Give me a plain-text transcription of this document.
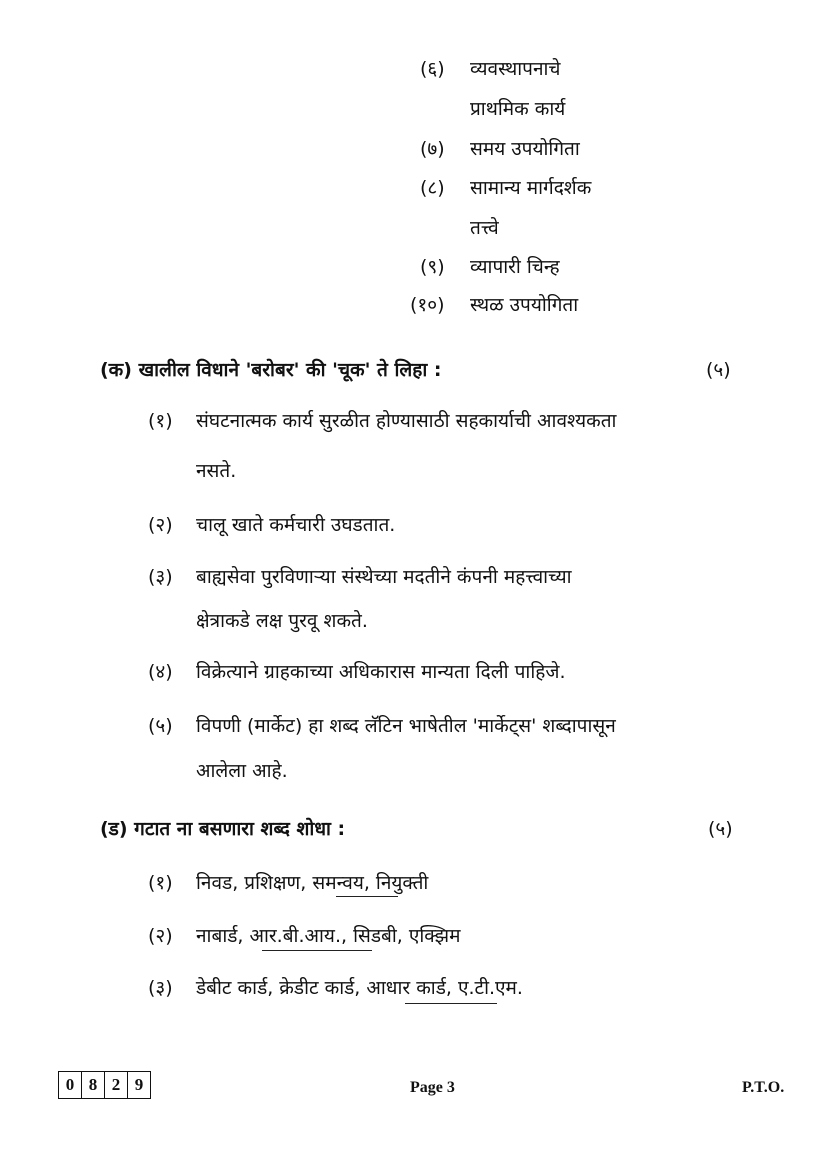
(६) व्यवस्थापनाचे
प्राथमिक कार्य
(७) समय उपयोगिता
(८) सामान्य मार्गदर्शक
तत्त्वे
(९) व्यापारी चिन्ह
(१०) स्थळ उपयोगिता
(क) खालील विधाने 'बरोबर' की 'चूक' ते लिहा :	(५)
(१) संघटनात्मक कार्य सुरळीत होण्यासाठी सहकार्याची आवश्यकता
नसते.
(२) चालू खाते कर्मचारी उघडतात.
(३) बाह्यसेवा पुरविणाऱ्या संस्थेच्या मदतीने कंपनी महत्त्वाच्या
क्षेत्राकडे लक्ष पुरवू शकते.
(४) विक्रेत्याने ग्राहकाच्या अधिकारास मान्यता दिली पाहिजे.
(५) विपणी (मार्केट) हा शब्द लॅटिन भाषेतील 'मार्केट्स' शब्दापासून
आलेला आहे.
(ड) गटात ना बसणारा शब्द शोधा :	(५)
(१) निवड, प्रशिक्षण, समन्वय, नियुक्ती
(२) नाबार्ड, आर.बी.आय., सिडबी, एक्झिम
(३) डेबीट कार्ड, क्रेडीट कार्ड, आधार कार्ड, ए.टी.एम.
0 8 2 9	Page 3	P.T.O.
